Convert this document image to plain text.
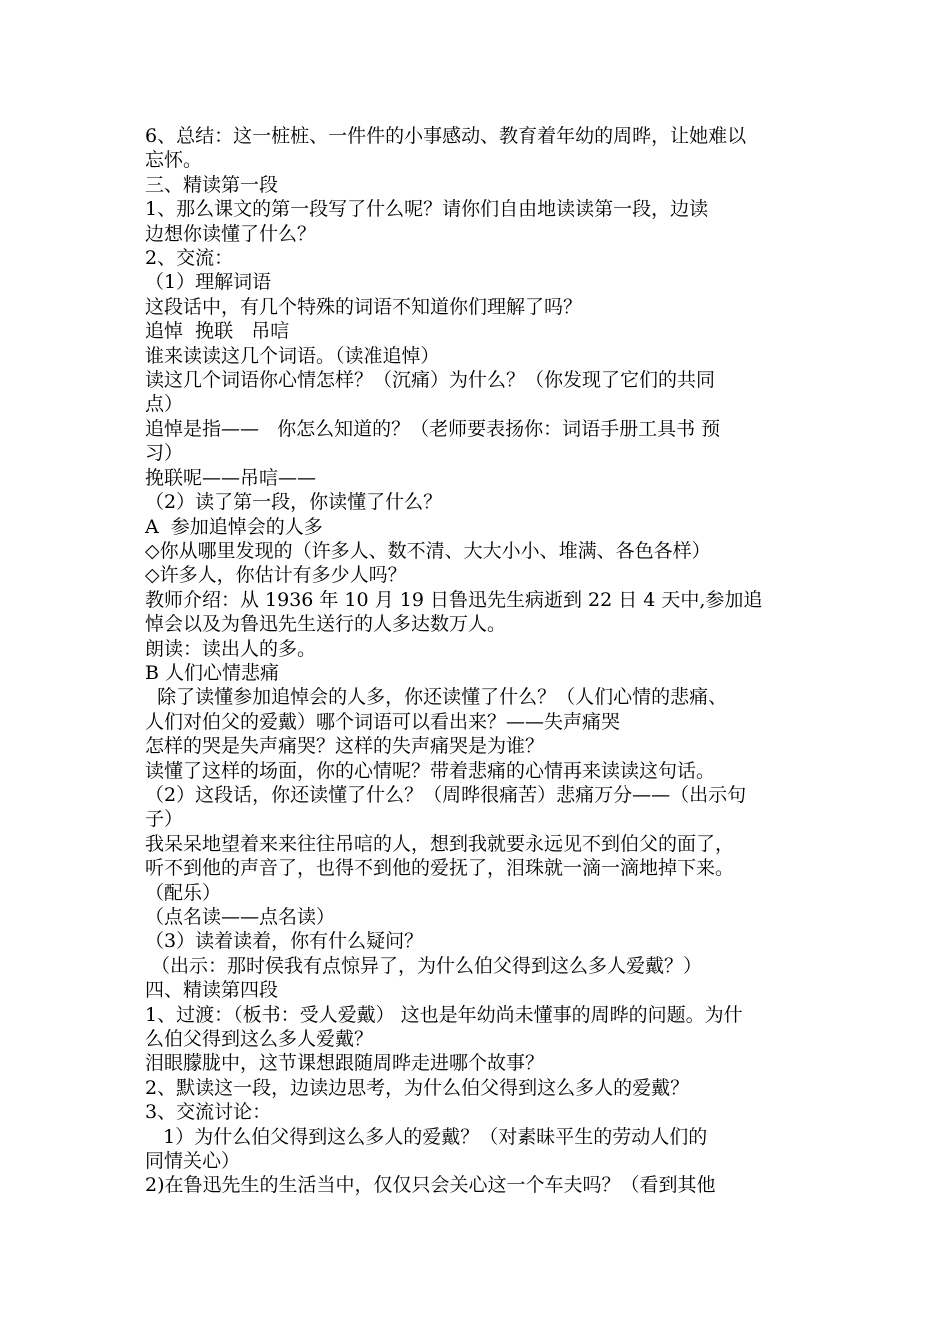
6、总结：这一桩桩、一件件的小事感动、教育着年幼的周晔，让她难以

忘怀。

三、精读第一段

1、那么课文的第一段写了什么呢？请你们自由地读读第一段，边读

边想你读懂了什么？

2、交流：

（1）理解词语

这段话中，有几个特殊的词语不知道你们理解了吗？

追悼  挽联   吊唁

谁来读读这几个词语。（读准追悼）

读这几个词语你心情怎样？（沉痛）为什么？（你发现了它们的共同

点）

追悼是指——   你怎么知道的？（老师要表扬你：词语手册工具书 预

习）

挽联呢——吊唁——

（2）读了第一段，你读懂了什么？

A  参加追悼会的人多

◇你从哪里发现的（许多人、数不清、大大小小、堆满、各色各样）

◇许多人，你估计有多少人吗？

教师介绍：从 1936 年 10 月 19 日鲁迅先生病逝到 22 日 4 天中,参加追

悼会以及为鲁迅先生送行的人多达数万人。

朗读：读出人的多。

B 人们心情悲痛

除了读懂参加追悼会的人多，你还读懂了什么？（人们心情的悲痛、

人们对伯父的爱戴）哪个词语可以看出来？——失声痛哭

怎样的哭是失声痛哭？这样的失声痛哭是为谁？

读懂了这样的场面，你的心情呢？带着悲痛的心情再来读读这句话。

（2）这段话，你还读懂了什么？（周晔很痛苦）悲痛万分——（出示句

子）

我呆呆地望着来来往往吊唁的人，想到我就要永远见不到伯父的面了，

听不到他的声音了，也得不到他的爱抚了，泪珠就一滴一滴地掉下来。

（配乐）

（点名读——点名读）

（3）读着读着，你有什么疑问？

（出示：那时侯我有点惊异了，为什么伯父得到这么多人爱戴？）

四、精读第四段

1、过渡：（板书：受人爱戴） 这也是年幼尚未懂事的周晔的问题。为什

么伯父得到这么多人爱戴？

泪眼朦胧中，这节课想跟随周晔走进哪个故事？

2、默读这一段，边读边思考，为什么伯父得到这么多人的爱戴？

3、交流讨论：

1）为什么伯父得到这么多人的爱戴？（对素昧平生的劳动人们的

同情关心）

2)在鲁迅先生的生活当中，仅仅只会关心这一个车夫吗？（看到其他
